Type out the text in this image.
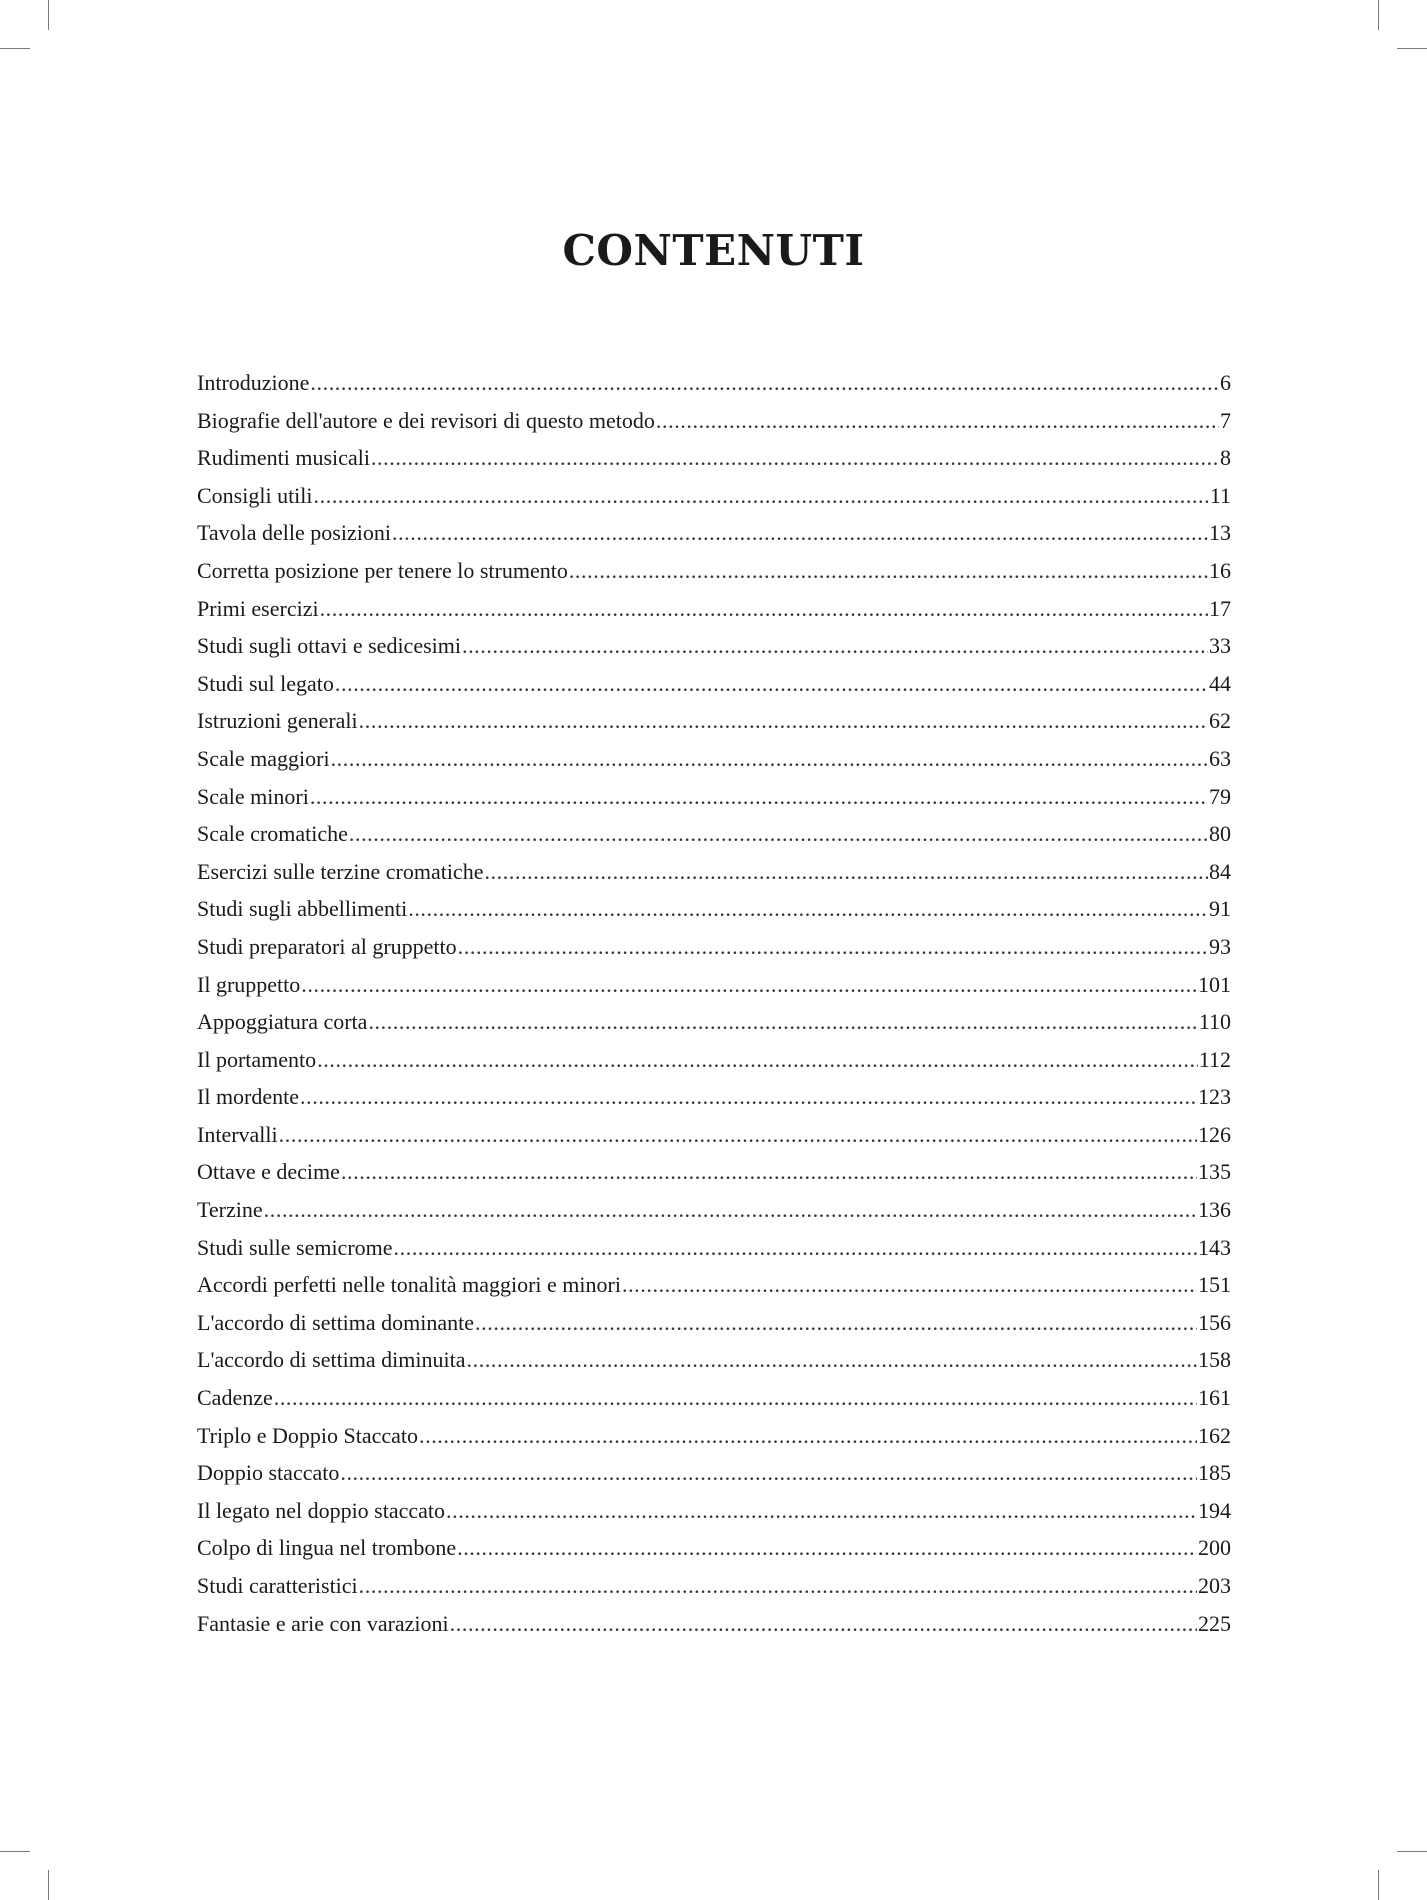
CONTENUTI
Introduzione .....	6
Biografie dell'autore e dei revisori di questo metodo .....	7
Rudimenti musicali .....	8
Consigli utili .....	11
Tavola delle posizioni .....	13
Corretta posizione per tenere lo strumento .....	16
Primi esercizi .....	17
Studi sugli ottavi e sedicesimi .....	33
Studi sul legato .....	44
Istruzioni generali .....	62
Scale maggiori .....	63
Scale minori .....	79
Scale cromatiche .....	80
Esercizi sulle terzine cromatiche .....	84
Studi sugli abbellimenti .....	91
Studi preparatori al gruppetto .....	93
Il gruppetto .....	101
Appoggiatura corta .....	110
Il portamento .....	112
Il mordente .....	123
Intervalli .....	126
Ottave e decime .....	135
Terzine .....	136
Studi sulle semicrome .....	143
Accordi perfetti nelle tonalità maggiori e minori .....	151
L'accordo di settima dominante .....	156
L'accordo di settima diminuita .....	158
Cadenze .....	161
Triplo e Doppio Staccato .....	162
Doppio staccato .....	185
Il legato nel doppio staccato .....	194
Colpo di lingua nel trombone .....	200
Studi caratteristici .....	203
Fantasie e arie con varazioni .....	225
